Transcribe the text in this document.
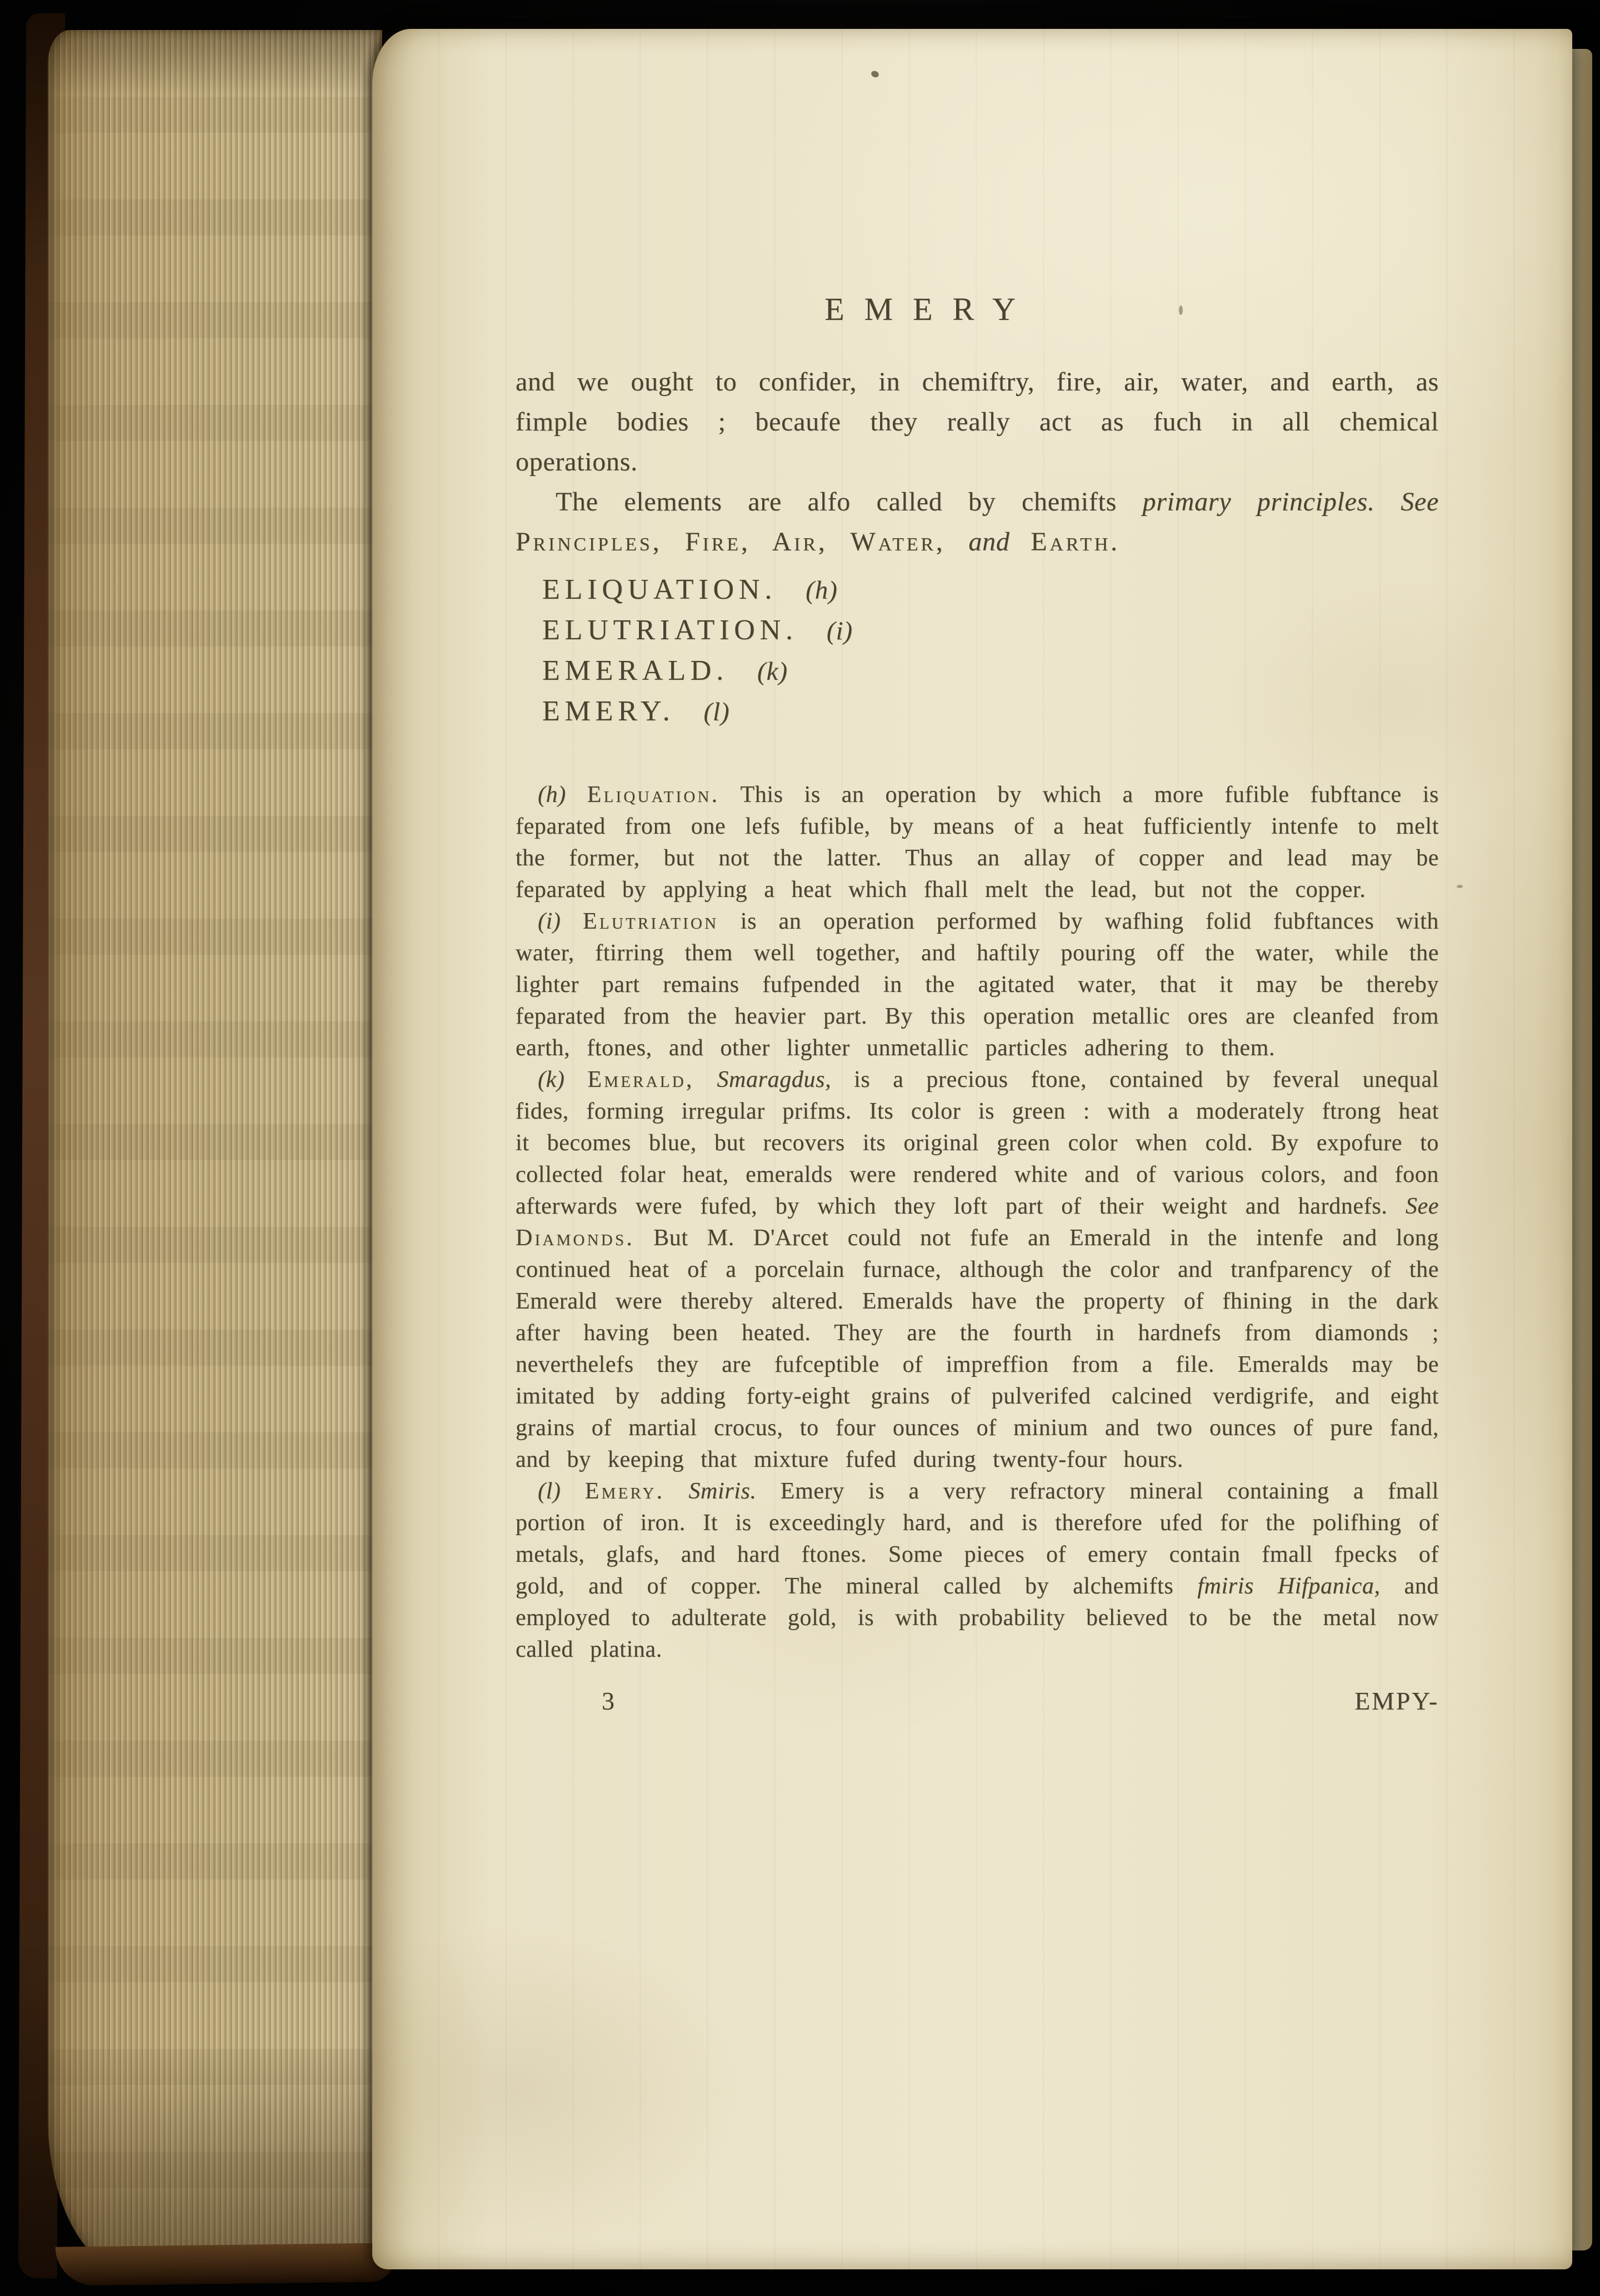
EMERY

and we ought to confider, in chemiftry, fire, air, water, and earth, as fimple bodies ; becaufe they really act as fuch in all chemical operations.

The elements are alfo called by chemifts primary principles. See Principles, Fire, Air, Water, and Earth.

ELIQUATION. (h)
ELUTRIATION. (i)
EMERALD. (k)
EMERY. (l)

(h) Eliquation. This is an operation by which a more fufible fubftance is feparated from one lefs fufible, by means of a heat fufficiently intenfe to melt the former, but not the latter. Thus an allay of copper and lead may be feparated by applying a heat which fhall melt the lead, but not the copper.

(i) Elutriation is an operation performed by wafhing folid fubftances with water, ftirring them well together, and haftily pouring off the water, while the lighter part remains fufpended in the agitated water, that it may be thereby feparated from the heavier part. By this operation metallic ores are cleanfed from earth, ftones, and other lighter unmetallic particles adhering to them.

(k) Emerald, Smaragdus, is a precious ftone, contained by feveral unequal fides, forming irregular prifms. Its color is green : with a moderately ftrong heat it becomes blue, but recovers its original green color when cold. By expofure to collected folar heat, emeralds were rendered white and of various colors, and foon afterwards were fufed, by which they loft part of their weight and hardnefs. See Diamonds. But M. D'Arcet could not fufe an Emerald in the intenfe and long continued heat of a porcelain furnace, although the color and tranfparency of the Emerald were thereby altered. Emeralds have the property of fhining in the dark after having been heated. They are the fourth in hardnefs from diamonds ; neverthelefs they are fufceptible of impreffion from a file. Emeralds may be imitated by adding forty-eight grains of pulverifed calcined verdigrife, and eight grains of martial crocus, to four ounces of minium and two ounces of pure fand, and by keeping that mixture fufed during twenty-four hours.

(l) Emery. Smiris. Emery is a very refractory mineral containing a fmall portion of iron. It is exceedingly hard, and is therefore ufed for the polifhing of metals, glafs, and hard ftones. Some pieces of emery contain fmall fpecks of gold, and of copper. The mineral called by alchemifts fmiris Hifpanica, and employed to adulterate gold, is with probability believed to be the metal now called platina.

3	EMPY-
